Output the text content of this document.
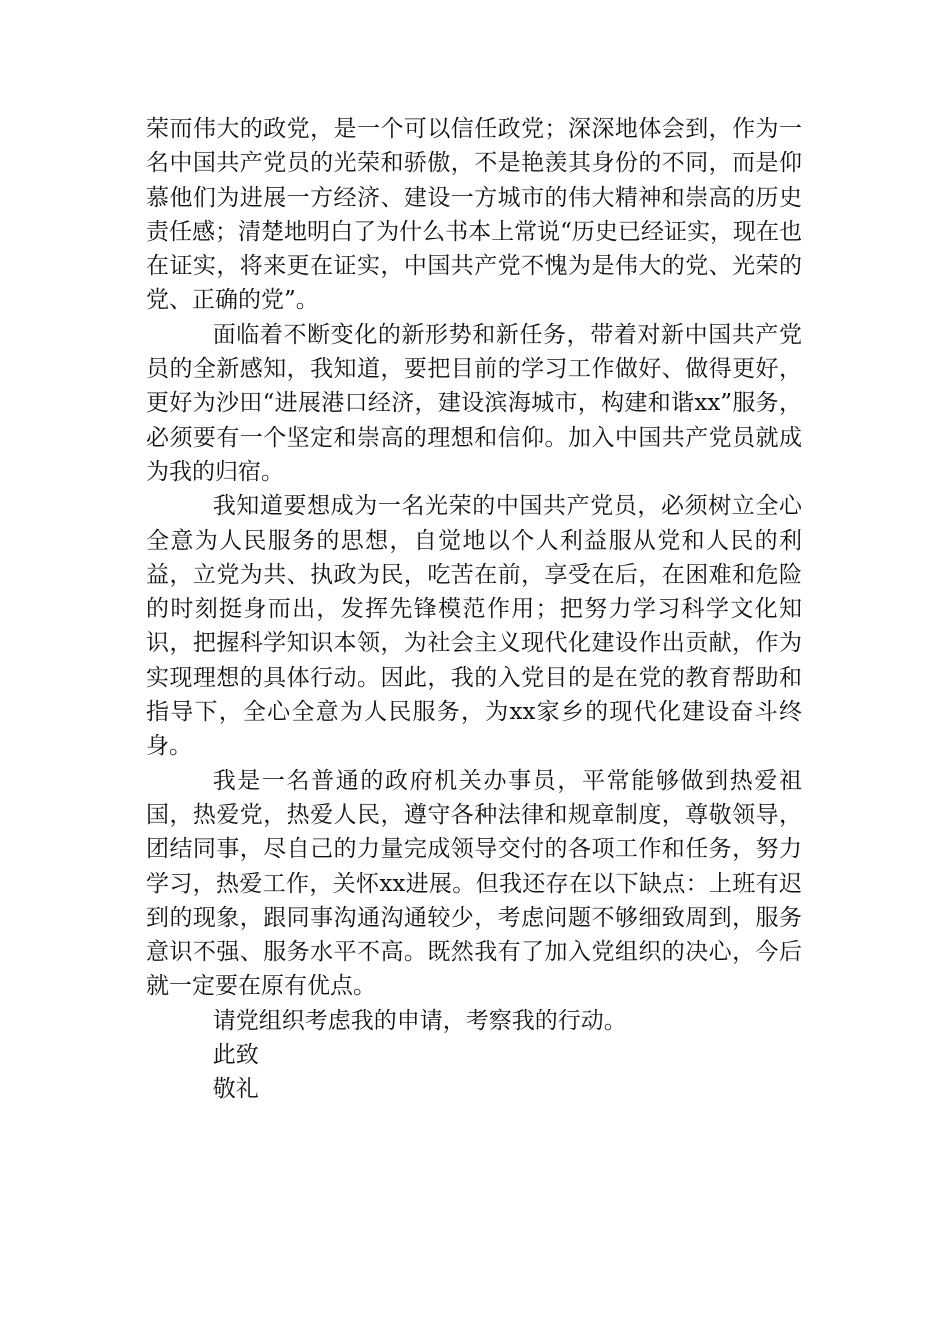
荣而伟大的政党，是一个可以信任政党；深深地体会到，作为一名中国共产党员的光荣和骄傲，不是艳羡其身份的不同，而是仰慕他们为进展一方经济、建设一方城市的伟大精神和崇高的历史责任感；清楚地明白了为什么书本上常说“历史已经证实，现在也在证实，将来更在证实，中国共产党不愧为是伟大的党、光荣的党、正确的党”。

面临着不断变化的新形势和新任务，带着对新中国共产党员的全新感知，我知道，要把目前的学习工作做好、做得更好，更好为沙田“进展港口经济，建设滨海城市，构建和谐xx”服务，必须要有一个坚定和崇高的理想和信仰。加入中国共产党员就成为我的归宿。

我知道要想成为一名光荣的中国共产党员，必须树立全心全意为人民服务的思想，自觉地以个人利益服从党和人民的利益，立党为共、执政为民，吃苦在前，享受在后，在困难和危险的时刻挺身而出，发挥先锋模范作用；把努力学习科学文化知识，把握科学知识本领，为社会主义现代化建设作出贡献，作为实现理想的具体行动。因此，我的入党目的是在党的教育帮助和指导下，全心全意为人民服务，为xx家乡的现代化建设奋斗终身。

我是一名普通的政府机关办事员，平常能够做到热爱祖国，热爱党，热爱人民，遵守各种法律和规章制度，尊敬领导，团结同事，尽自己的力量完成领导交付的各项工作和任务，努力学习，热爱工作，关怀xx进展。但我还存在以下缺点：上班有迟到的现象，跟同事沟通沟通较少，考虑问题不够细致周到，服务意识不强、服务水平不高。既然我有了加入党组织的决心，今后就一定要在原有优点。

请党组织考虑我的申请，考察我的行动。

此致

敬礼
